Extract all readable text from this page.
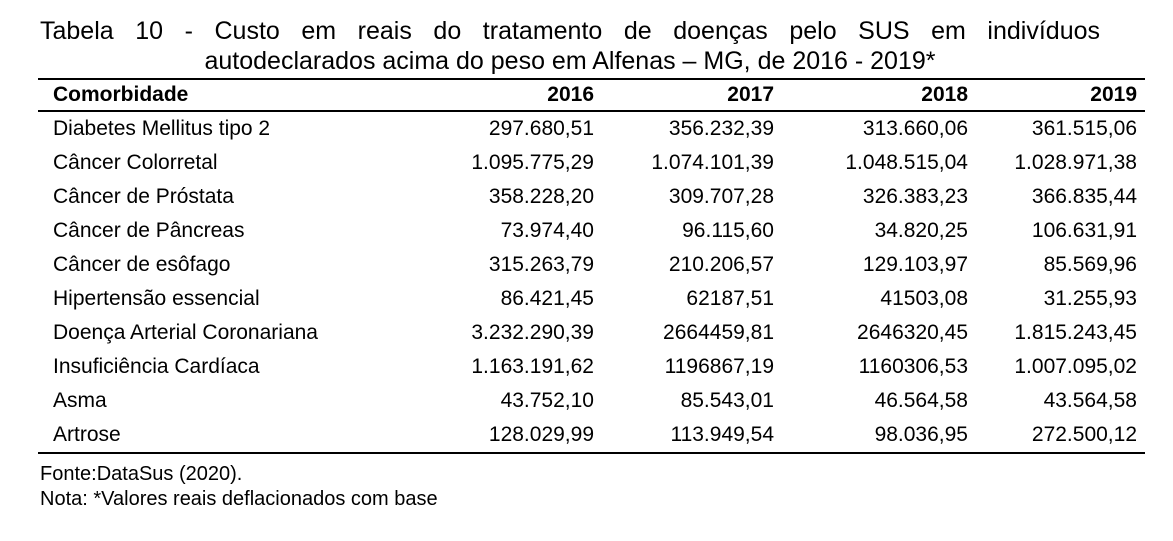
Tabela 10 - Custo em reais do tratamento de doenças pelo SUS em indivíduos
autodeclarados acima do peso em Alfenas – MG, de 2016 - 2019*
Comorbidade	2016	2017	2018	2019
Diabetes Mellitus tipo 2	297.680,51	356.232,39	313.660,06	361.515,06
Câncer Colorretal	1.095.775,29	1.074.101,39	1.048.515,04	1.028.971,38
Câncer de Próstata	358.228,20	309.707,28	326.383,23	366.835,44
Câncer de Pâncreas	73.974,40	96.115,60	34.820,25	106.631,91
Câncer de esôfago	315.263,79	210.206,57	129.103,97	85.569,96
Hipertensão essencial	86.421,45	62187,51	41503,08	31.255,93
Doença Arterial Coronariana	3.232.290,39	2664459,81	2646320,45	1.815.243,45
Insuficiência Cardíaca	1.163.191,62	1196867,19	1160306,53	1.007.095,02
Asma	43.752,10	85.543,01	46.564,58	43.564,58
Artrose	128.029,99	113.949,54	98.036,95	272.500,12
Fonte:DataSus (2020).
Nota: *Valores reais deflacionados com base
